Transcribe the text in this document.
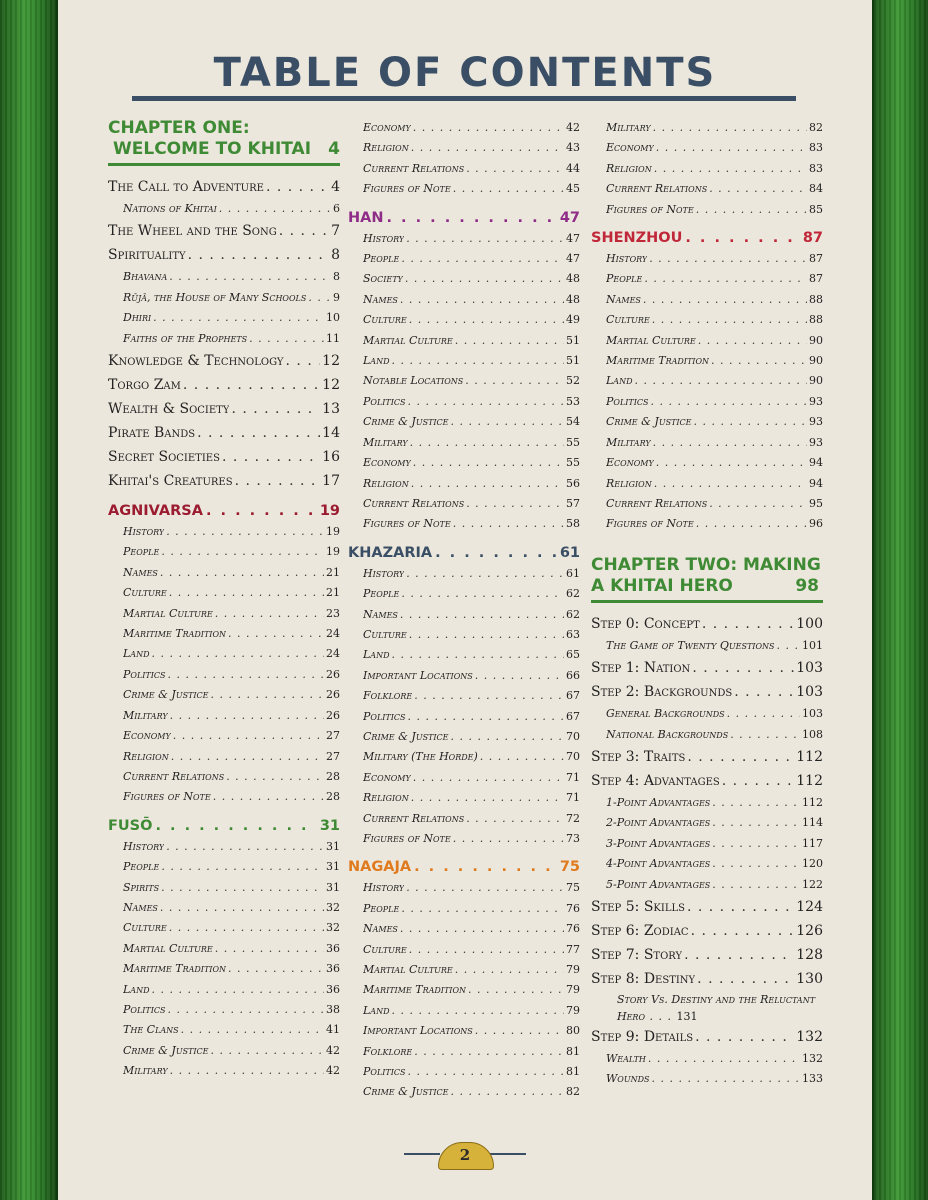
TABLE OF CONTENTS
CHAPTER ONE:
WELCOME TO KHITAI 4
The Call to Adventure . . .	4
Nations of Khitai . . .	6
The Wheel and the Song . . .	7
Spirituality . . .	8
Bhavana . . .	8
Rūjā, the House of Many Schools . . . 9
Dhiri . . .	10
Faiths of the Prophets . . .	11
Knowledge & Technology . . .	12
Torgo Zam . . .	12
Wealth & Society . . .	13
Pirate Bands . . .	14
Secret Societies . . .	16
Khitai's Creatures . . .	17
AGNIVARSA . . .	19
History . . .	19
People . . .	19
Names . . .	21
Culture . . .	21
Martial Culture . . .	23
Maritime Tradition . . .	24
Land . . .	24
Politics . . .	26
Crime & Justice . . .	26
Military . . .	26
Economy . . .	27
Religion . . .	27
Current Relations . . .	28
Figures of Note . . .	28
FUSŌ . . .	31
History . . .	31
People . . .	31
Spirits . . .	31
Names . . .	32
Culture . . .	32
Martial Culture . . .	36
Maritime Tradition . . .	36
Land . . .	36
Politics . . .	38
The Clans . . .	41
Crime & Justice . . .	42
Military . . .	42
Economy . . .	42
Religion . . .	43
Current Relations . . .	44
Figures of Note . . .	45
HAN . . .	47
History . . .	47
People . . .	47
Society . . .	48
Names . . .	48
Culture . . .	49
Martial Culture . . .	51
Land . . .	51
Notable Locations . . .	52
Politics . . .	53
Crime & Justice . . .	54
Military . . .	55
Economy . . .	55
Religion . . .	56
Current Relations . . .	57
Figures of Note . . .	58
KHAZARIA . . .	61
History . . .	61
People . . .	62
Names . . .	62
Culture . . .	63
Land . . .	65
Important Locations . . .	66
Folklore . . .	67
Politics . . .	67
Crime & Justice . . .	70
Military (The Horde) . . .	70
Economy . . .	71
Religion . . .	71
Current Relations . . .	72
Figures of Note . . .	73
NAGAJA . . .	75
History . . .	75
People . . .	76
Names . . .	76
Culture . . .	77
Martial Culture . . .	79
Maritime Tradition . . .	79
Land . . .	79
Important Locations . . .	80
Folklore . . .	81
Politics . . .	81
Crime & Justice . . .	82
Military . . .	82
Economy . . .	83
Religion . . .	83
Current Relations . . .	84
Figures of Note . . .	85
SHENZHOU . . .	87
History . . .	87
People . . .	87
Names . . .	88
Culture . . .	88
Martial Culture . . .	90
Maritime Tradition . . .	90
Land . . .	90
Politics . . .	93
Crime & Justice . . .	93
Military . . .	93
Economy . . .	94
Religion . . .	94
Current Relations . . .	95
Figures of Note . . .	96
CHAPTER TWO: MAKING
A KHITAI HERO	98
Step 0: Concept . . .	100
The Game of Twenty Questions . . .	101
Step 1: Nation . . .	103
Step 2: Backgrounds . . .	103
General Backgrounds . . .	103
National Backgrounds . . .	108
Step 3: Traits . . .	112
Step 4: Advantages . . .	112
1-Point Advantages . . .	112
2-Point Advantages . . .	114
3-Point Advantages . . .	117
4-Point Advantages . . .	120
5-Point Advantages . . .	122
Step 5: Skills . . .	124
Step 6: Zodiac . . .	126
Step 7: Story . . .	128
Step 8: Destiny . . .	130
Story Vs. Destiny and the Reluctant Hero . . . 131
Step 9: Details . . .	132
Wealth . . .	132
Wounds . . .	133
2
